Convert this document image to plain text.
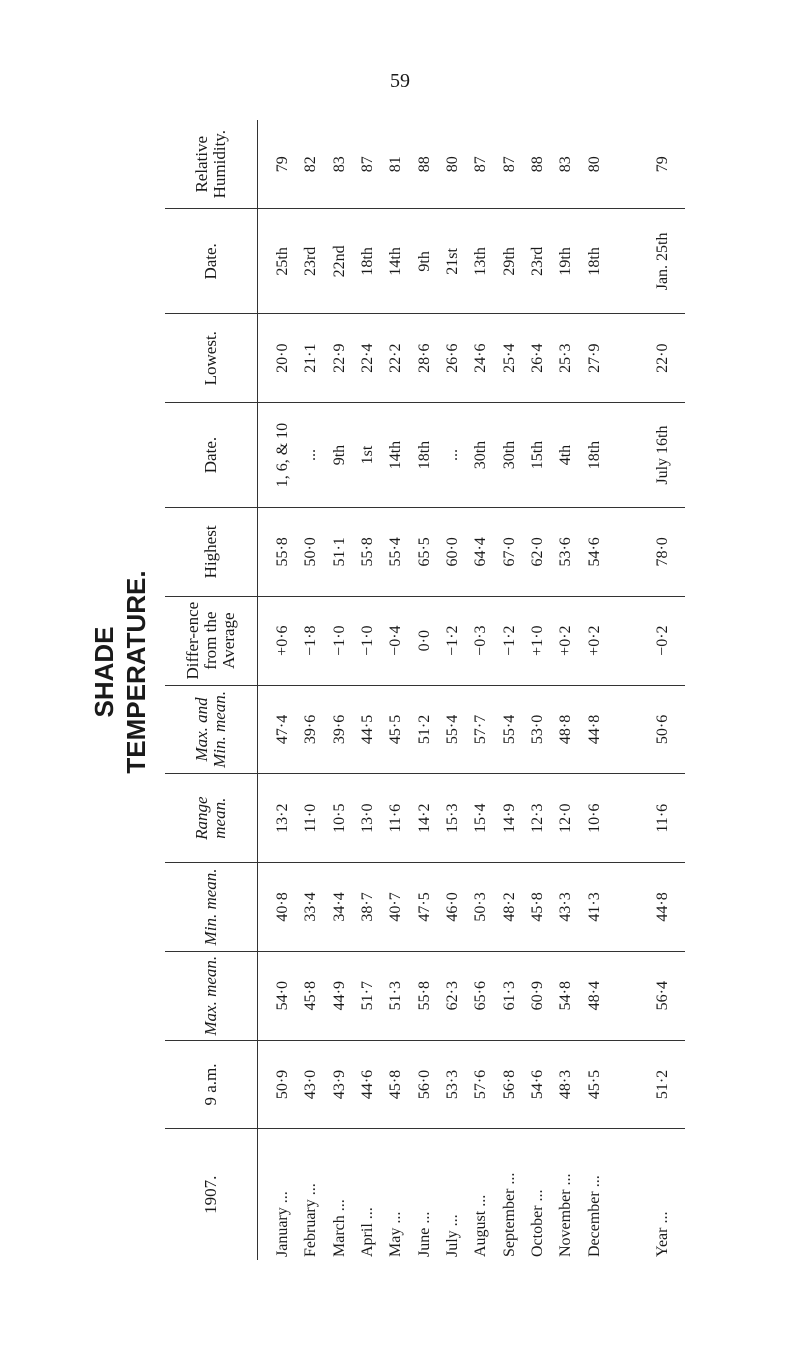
59
SHADE TEMPERATURE.
1907.	9 a.m.	Max. mean.	Min. mean.	Range mean.	Max. and Min. mean.	Differ-ence from the Average	Highest	Date.	Lowest.	Date.	Relative Humidity.
January ...	50·9	54·0	40·8	13·2	47·4	+0·6	55·8	1, 6, & 10	20·0	25th	79
February ...	43·0	45·8	33·4	11·0	39·6	−1·8	50·0	...	21·1	23rd	82
March ...	43·9	44·9	34·4	10·5	39·6	−1·0	51·1	9th	22·9	22nd	83
April ...	44·6	51·7	38·7	13·0	44·5	−1·0	55·8	1st	22·4	18th	87
May ...	45·8	51·3	40·7	11·6	45·5	−0·4	55·4	14th	22·2	14th	81
June ...	56·0	55·8	47·5	14·2	51·2	0·0	65·5	18th	28·6	9th	88
July ...	53·3	62·3	46·0	15·3	55·4	−1·2	60·0	...	26·6	21st	80
August ...	57·6	65·6	50·3	15·4	57·7	−0·3	64·4	30th	24·6	13th	87
September ...	56·8	61·3	48·2	14·9	55·4	−1·2	67·0	30th	25·4	29th	87
October ...	54·6	60·9	45·8	12·3	53·0	+1·0	62·0	15th	26·4	23rd	88
November ...	48·3	54·8	43·3	12·0	48·8	+0·2	53·6	4th	25·3	19th	83
December ...	45·5	48·4	41·3	10·6	44·8	+0·2	54·6	18th	27·9	18th	80

Year ...	51·2	56·4	44·8	11·6	50·6	−0·2	78·0	July 16th	22·0	Jan. 25th	79
